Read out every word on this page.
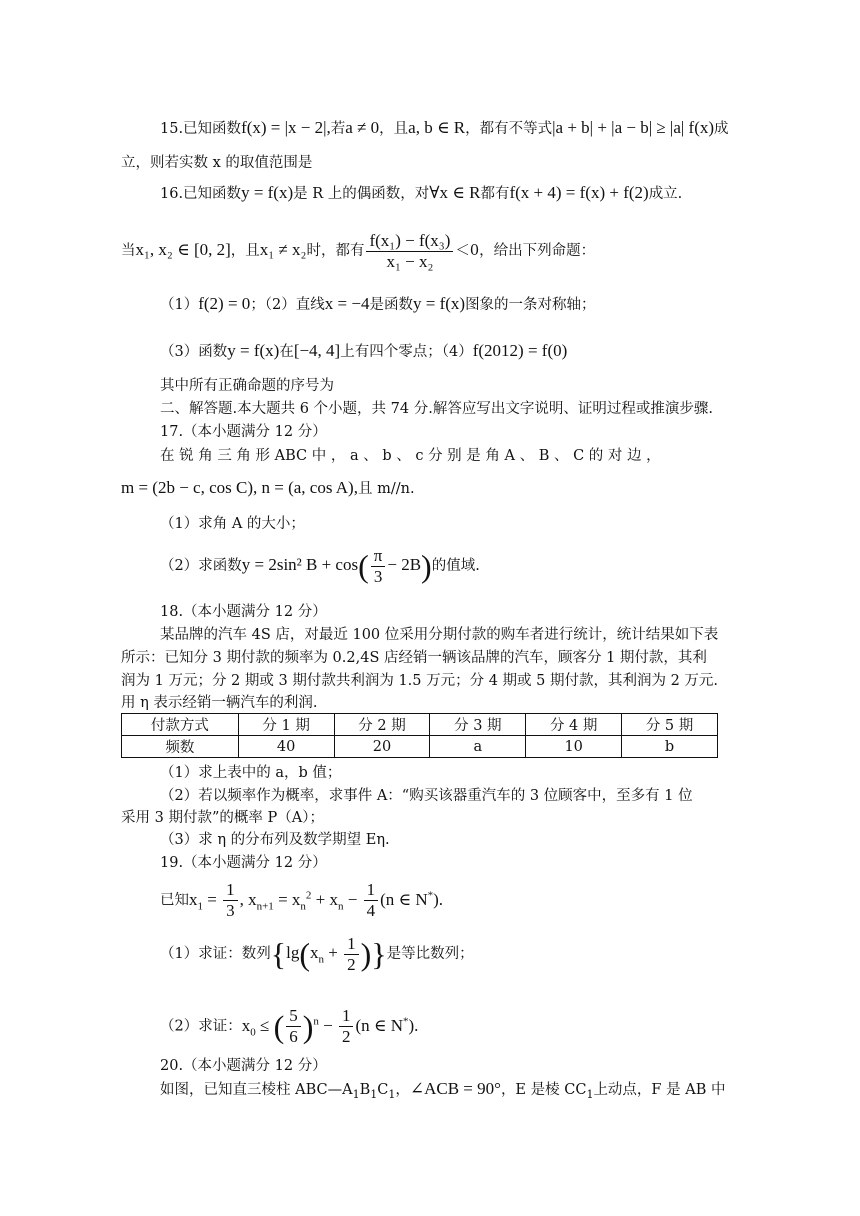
15.已知函数f(x) = |x − 2|,若a ≠ 0，且a, b ∈ R，都有不等式|a + b| + |a − b| ≥ |a| f(x)成
立，则若实数 x 的取值范围是
16.已知函数y = f(x)是 R 上的偶函数，对∀x ∈ R都有f(x + 4) = f(x) + f(2)成立.
当x₁, x₂ ∈ [0, 2]，且x₁ ≠ x₂时，都有 $\frac{\text{f(x₁) − f(x₃)}}{\text{x₁ − x₂}} <0$，给出下列命题：
（1）f(2) = 0；（2）直线x = −4是函数y = f(x)图象的一条对称轴；
（3）函数y = f(x)在[−4, 4]上有四个零点；（4）f(2012) = f(0)
其中所有正确命题的序号为
二、解答题.本大题共 6 个小题，共 74 分.解答应写出文字说明、证明过程或推演步骤.
17.（本小题满分 12 分）
在 锐 角 三 角 形 ABC 中 ， a 、 b 、 c 分 别 是 角 A 、 B 、 C 的 对 边 ，
m = (2b − c, cos C), n = (a, cos A),且 m//n.
（1）求角 A 的大小；
（2）求函数y = 2sin² $B + \cos( \frac{\pi}{3} - 2B)$的值域.
18.（本小题满分 12 分）
某品牌的汽车 4S 店，对最近 100 位采用分期付款的购车者进行统计，统计结果如下表
所示：已知分 3 期付款的频率为 0.2,4S 店经销一辆该品牌的汽车，顾客分 1 期付款，其利
润为 1 万元；分 2 期或 3 期付款共利润为 1.5 万元；分 4 期或 5 期付款，其利润为 2 万元.
用 η 表示经销一辆汽车的利润.
付款方式	分 1 期	分 2 期	分 3 期	分 4 期	分 5 期
频数	40	20	a	10	b
（1）求上表中的 a，b 值；
（2）若以频率作为概率，求事件 A：“购买该器重汽车的 3 位顾客中，至多有 1 位
采用 3 期付款”的概率 P（A）；
（3）求 η 的分布列及数学期望 Eη.
19.（本小题满分 12 分）
已知$x_1 = \frac{1}{3}$ , $x_{n+1} = x_n^2 + x_n - \frac{1}{4} (n$ ∈ N*).
（1）求证：数列{$\lg(x_n + \frac{1}{2}$ )}是等比数列；
（2）求证：$x_0$ ≤ ( $\frac{5}{6} )^n - \frac{1}{2} (n$ ∈ N*).
20.（本小题满分 12 分）
如图，已知直三棱柱 $ABC—A_1B_1C_1$，∠ACB = 90°，E 是棱 $CC_1$上动点，F 是 AB 中
